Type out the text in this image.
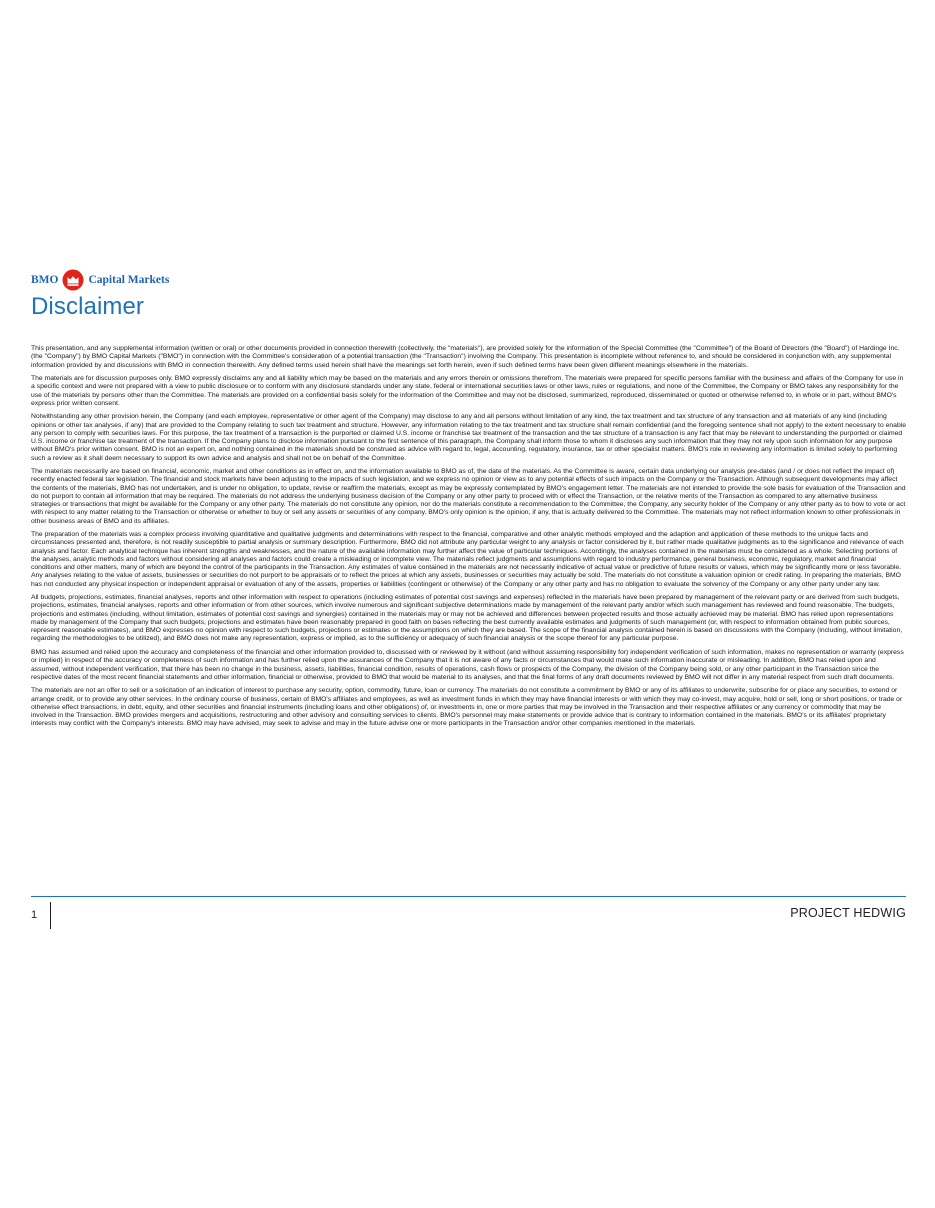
BMO	Capital Markets
Disclaimer

This presentation, and any supplemental information (written or oral) or other documents provided in connection therewith (collectively, the "materials"), are provided solely for the information of the Special Committee (the "Committee") of the Board of Directors (the "Board") of Hardinge Inc. (the "Company") by BMO Capital Markets ("BMO") in connection with the Committee's consideration of a potential transaction (the "Transaction") involving the Company. This presentation is incomplete without reference to, and should be considered in conjunction with, any supplemental information provided by and discussions with BMO in connection therewith. Any defined terms used herein shall have the meanings set forth herein, even if such defined terms have been given different meanings elsewhere in the materials.

The materials are for discussion purposes only. BMO expressly disclaims any and all liability which may be based on the materials and any errors therein or omissions therefrom. The materials were prepared for specific persons familiar with the business and affairs of the Company for use in a specific context and were not prepared with a view to public disclosure or to conform with any disclosure standards under any state, federal or international securities laws or other laws, rules or regulations, and none of the Committee, the Company or BMO takes any responsibility for the use of the materials by persons other than the Committee. The materials are provided on a confidential basis solely for the information of the Committee and may not be disclosed, summarized, reproduced, disseminated or quoted or otherwise referred to, in whole or in part, without BMO's express prior written consent.

Notwithstanding any other provision herein, the Company (and each employee, representative or other agent of the Company) may disclose to any and all persons without limitation of any kind, the tax treatment and tax structure of any transaction and all materials of any kind (including opinions or other tax analyses, if any) that are provided to the Company relating to such tax treatment and structure. However, any information relating to the tax treatment and tax structure shall remain confidential (and the foregoing sentence shall not apply) to the extent necessary to enable any person to comply with securities laws. For this purpose, the tax treatment of a transaction is the purported or claimed U.S. income or franchise tax treatment of the transaction and the tax structure of a transaction is any fact that may be relevant to understanding the purported or claimed U.S. income or franchise tax treatment of the transaction. If the Company plans to disclose information pursuant to the first sentence of this paragraph, the Company shall inform those to whom it discloses any such information that they may not rely upon such information for any purpose without BMO's prior written consent. BMO is not an expert on, and nothing contained in the materials should be construed as advice with regard to, legal, accounting, regulatory, insurance, tax or other specialist matters. BMO's role in reviewing any information is limited solely to performing such a review as it shall deem necessary to support its own advice and analysis and shall not be on behalf of the Committee.

The materials necessarily are based on financial, economic, market and other conditions as in effect on, and the information available to BMO as of, the date of the materials. As the Committee is aware, certain data underlying our analysis pre-dates (and / or does not reflect the impact of) recently enacted federal tax legislation. The financial and stock markets have been adjusting to the impacts of such legislation, and we express no opinion or view as to any potential effects of such impacts on the Company or the Transaction. Although subsequent developments may affect the contents of the materials, BMO has not undertaken, and is under no obligation, to update, revise or reaffirm the materials, except as may be expressly contemplated by BMO's engagement letter. The materials are not intended to provide the sole basis for evaluation of the Transaction and do not purport to contain all information that may be required. The materials do not address the underlying business decision of the Company or any other party to proceed with or effect the Transaction, or the relative merits of the Transaction as compared to any alternative business strategies or transactions that might be available for the Company or any other party. The materials do not constitute any opinion, nor do the materials constitute a recommendation to the Committee, the Company, any security holder of the Company or any other party as to how to vote or act with respect to any matter relating to the Transaction or otherwise or whether to buy or sell any assets or securities of any company. BMO's only opinion is the opinion, if any, that is actually delivered to the Committee. The materials may not reflect information known to other professionals in other business areas of BMO and its affiliates.

The preparation of the materials was a complex process involving quantitative and qualitative judgments and determinations with respect to the financial, comparative and other analytic methods employed and the adaption and application of these methods to the unique facts and circumstances presented and, therefore, is not readily susceptible to partial analysis or summary description. Furthermore, BMO did not attribute any particular weight to any analysis or factor considered by it, but rather made qualitative judgments as to the significance and relevance of each analysis and factor. Each analytical technique has inherent strengths and weaknesses, and the nature of the available information may further affect the value of particular techniques. Accordingly, the analyses contained in the materials must be considered as a whole. Selecting portions of the analyses, analytic methods and factors without considering all analyses and factors could create a misleading or incomplete view. The materials reflect judgments and assumptions with regard to industry performance, general business, economic, regulatory, market and financial conditions and other matters, many of which are beyond the control of the participants in the Transaction. Any estimates of value contained in the materials are not necessarily indicative of actual value or predictive of future results or values, which may be significantly more or less favorable. Any analyses relating to the value of assets, businesses or securities do not purport to be appraisals or to reflect the prices at which any assets, businesses or securities may actually be sold. The materials do not constitute a valuation opinion or credit rating. In preparing the materials, BMO has not conducted any physical inspection or independent appraisal or evaluation of any of the assets, properties or liabilities (contingent or otherwise) of the Company or any other party and has no obligation to evaluate the solvency of the Company or any other party under any law.

All budgets, projections, estimates, financial analyses, reports and other information with respect to operations (including estimates of potential cost savings and expenses) reflected in the materials have been prepared by management of the relevant party or are derived from such budgets, projections, estimates, financial analyses, reports and other information or from other sources, which involve numerous and significant subjective determinations made by management of the relevant party and/or which such management has reviewed and found reasonable. The budgets, projections and estimates (including, without limitation, estimates of potential cost savings and synergies) contained in the materials may or may not be achieved and differences between projected results and those actually achieved may be material. BMO has relied upon representations made by management of the Company that such budgets, projections and estimates have been reasonably prepared in good faith on bases reflecting the best currently available estimates and judgments of such management (or, with respect to information obtained from public sources, represent reasonable estimates), and BMO expresses no opinion with respect to such budgets, projections or estimates or the assumptions on which they are based. The scope of the financial analysis contained herein is based on discussions with the Company (including, without limitation, regarding the methodologies to be utilized), and BMO does not make any representation, express or implied, as to the sufficiency or adequacy of such financial analysis or the scope thereof for any particular purpose.

BMO has assumed and relied upon the accuracy and completeness of the financial and other information provided to, discussed with or reviewed by it without (and without assuming responsibility for) independent verification of such information, makes no representation or warranty (express or implied) in respect of the accuracy or completeness of such information and has further relied upon the assurances of the Company that it is not aware of any facts or circumstances that would make such information inaccurate or misleading. In addition, BMO has relied upon and assumed, without independent verification, that there has been no change in the business, assets, liabilities, financial condition, results of operations, cash flows or prospects of the Company, the division of the Company being sold, or any other participant in the Transaction since the respective dates of the most recent financial statements and other information, financial or otherwise, provided to BMO that would be material to its analyses, and that the final forms of any draft documents reviewed by BMO will not differ in any material respect from such draft documents.

The materials are not an offer to sell or a solicitation of an indication of interest to purchase any security, option, commodity, future, loan or currency. The materials do not constitute a commitment by BMO or any of its affiliates to underwrite, subscribe for or place any securities, to extend or arrange credit, or to provide any other services. In the ordinary course of business, certain of BMO's affiliates and employees, as well as investment funds in which they may have financial interests or with which they may co-invest, may acquire, hold or sell, long or short positions, or trade or otherwise effect transactions, in debt, equity, and other securities and financial instruments (including loans and other obligations) of, or investments in, one or more parties that may be involved in the Transaction and their respective affiliates or any currency or commodity that may be involved in the Transaction. BMO provides mergers and acquisitions, restructuring and other advisory and consulting services to clients. BMO's personnel may make statements or provide advice that is contrary to information contained in the materials. BMO's or its affiliates' proprietary interests may conflict with the Company's interests. BMO may have advised, may seek to advise and may in the future advise one or more participants in the Transaction and/or other companies mentioned in the materials.

1	PROJECT HEDWIG
